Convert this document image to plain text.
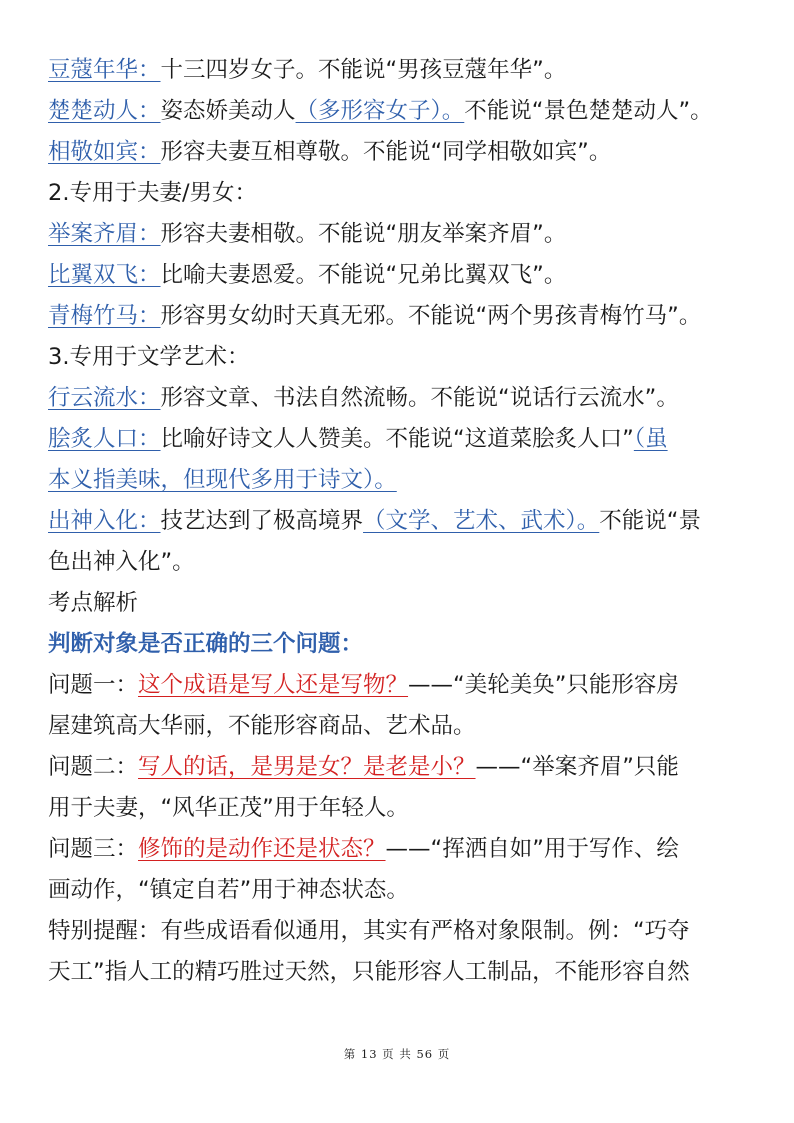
豆蔻年华：十三四岁女子。不能说“男孩豆蔻年华”。
楚楚动人：姿态娇美动人（多形容女子）。不能说“景色楚楚动人”。
相敬如宾：形容夫妻互相尊敬。不能说“同学相敬如宾”。
2.专用于夫妻/男女：
举案齐眉：形容夫妻相敬。不能说“朋友举案齐眉”。
比翼双飞：比喻夫妻恩爱。不能说“兄弟比翼双飞”。
青梅竹马：形容男女幼时天真无邪。不能说“两个男孩青梅竹马”。
3.专用于文学艺术：
行云流水：形容文章、书法自然流畅。不能说“说话行云流水”。
脍炙人口：比喻好诗文人人赞美。不能说“这道菜脍炙人口”（虽
本义指美味，但现代多用于诗文）。
出神入化：技艺达到了极高境界（文学、艺术、武术）。不能说“景
色出神入化”。
考点解析
判断对象是否正确的三个问题：
问题一：这个成语是写人还是写物？——“美轮美奂”只能形容房
屋建筑高大华丽，不能形容商品、艺术品。
问题二：写人的话，是男是女？是老是小？——“举案齐眉”只能
用于夫妻，“风华正茂”用于年轻人。
问题三：修饰的是动作还是状态？——“挥洒自如”用于写作、绘
画动作，“镇定自若”用于神态状态。
特别提醒：有些成语看似通用，其实有严格对象限制。例：“巧夺
天工”指人工的精巧胜过天然，只能形容人工制品，不能形容自然
第 13 页 共 56 页
